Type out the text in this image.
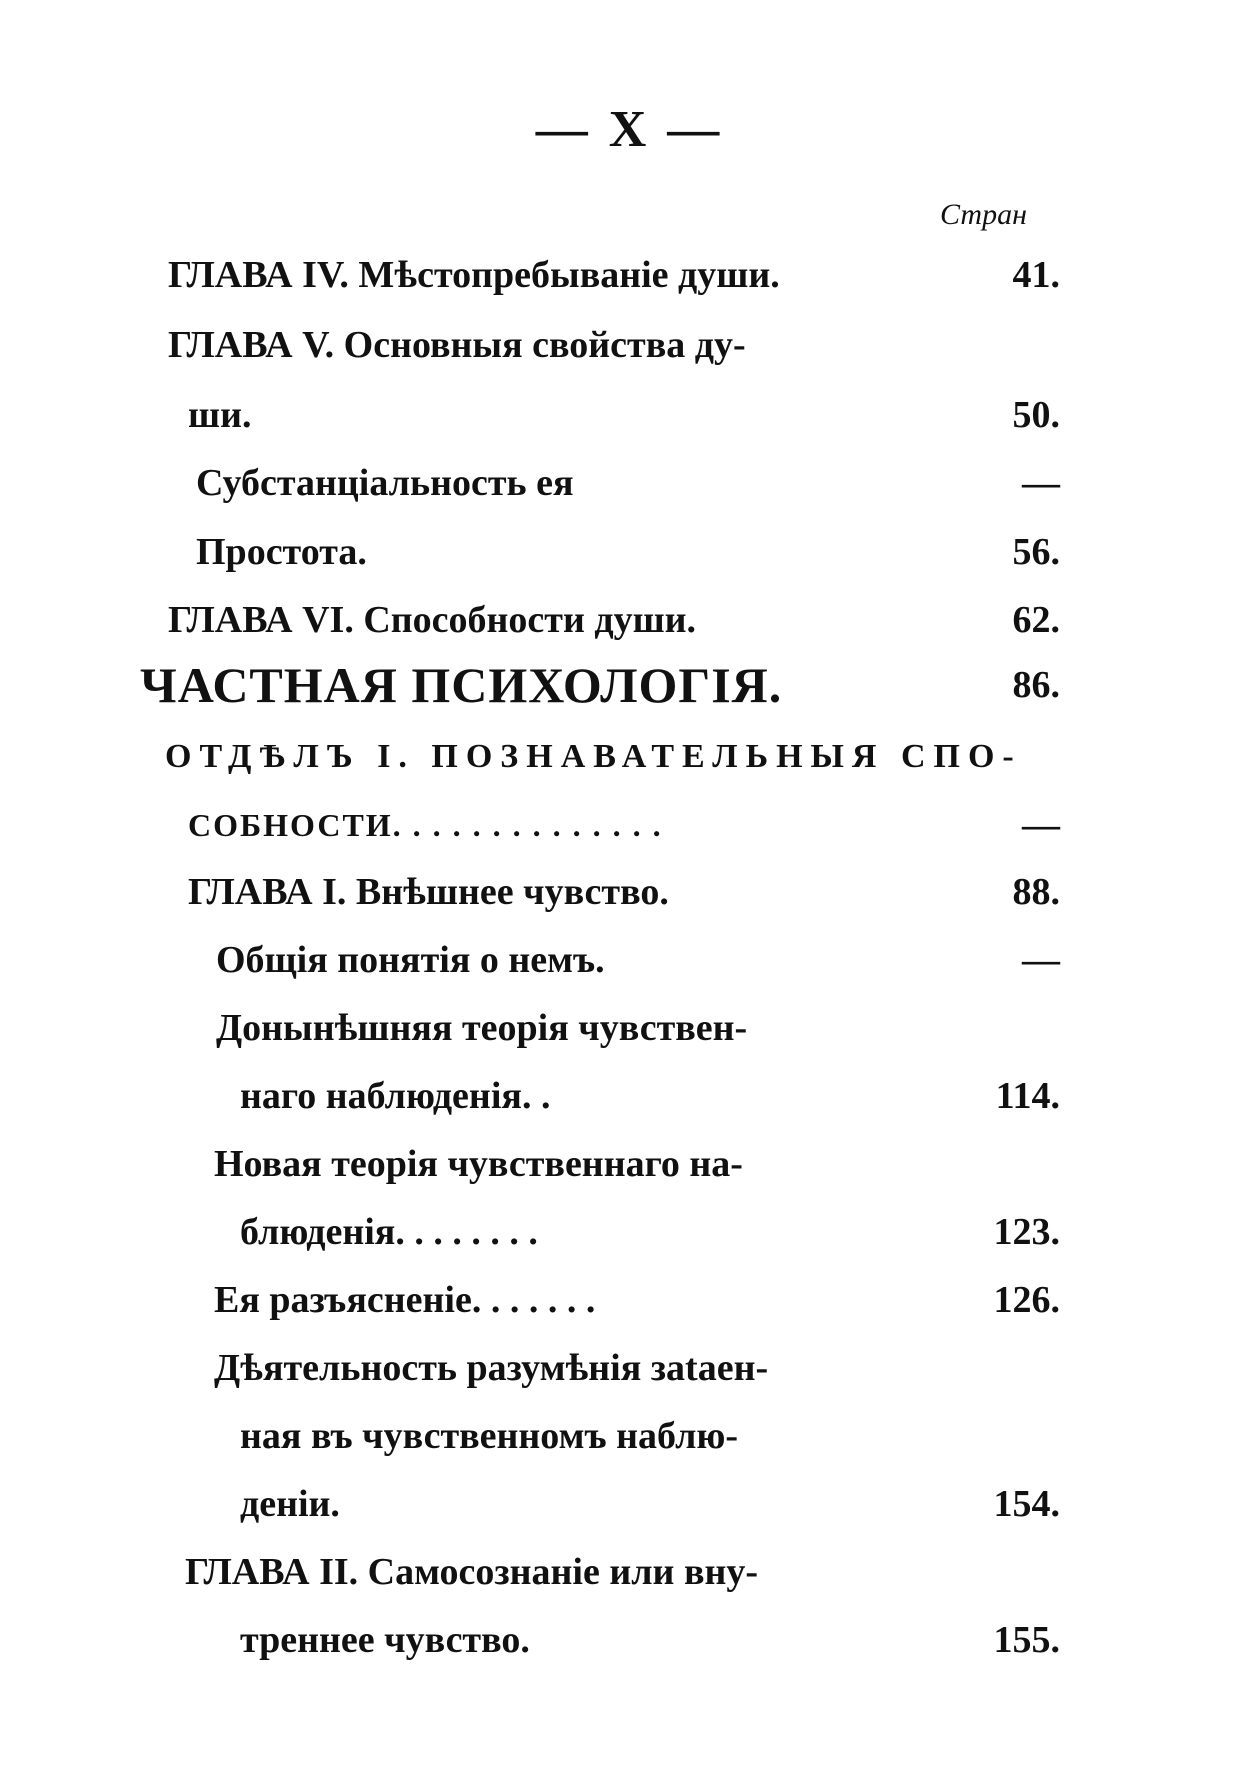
— X —
Стран
ГЛАВА IV. Мѣстопребыванie души.	41.
ГЛАВА V. Основныя свойства ду-
ши.	50.
Субстанцiальность ея	—
Простота.	56.
ГЛАВА VI. Способности души.	62.
ЧАСТНАЯ ПСИХОЛОГIЯ.	86.
ОТДѢЛЪ I. ПОЗНАВАТЕЛЬНЫЯ СПО-
СОБНОСТИ. . . . . . . . . . . . . .	—
ГЛАВА I. Внѣшнее чувство.	88.
Общiя понятiя о немъ.	—
Донынѣшняя теорiя чувствен-
наго наблюденiя. .	114.
Новая теорiя чувственнаго на-
блюденiя. . . . . . . .	123.
Ея разъясненie. . . . . . .	126.
Дѣятельность разумѣнiя заtaeн-
ная въ чувственномъ наблю-
денiи.	154.
ГЛАВА II. Самосознанie или вну-
треннее чувство.	155.
